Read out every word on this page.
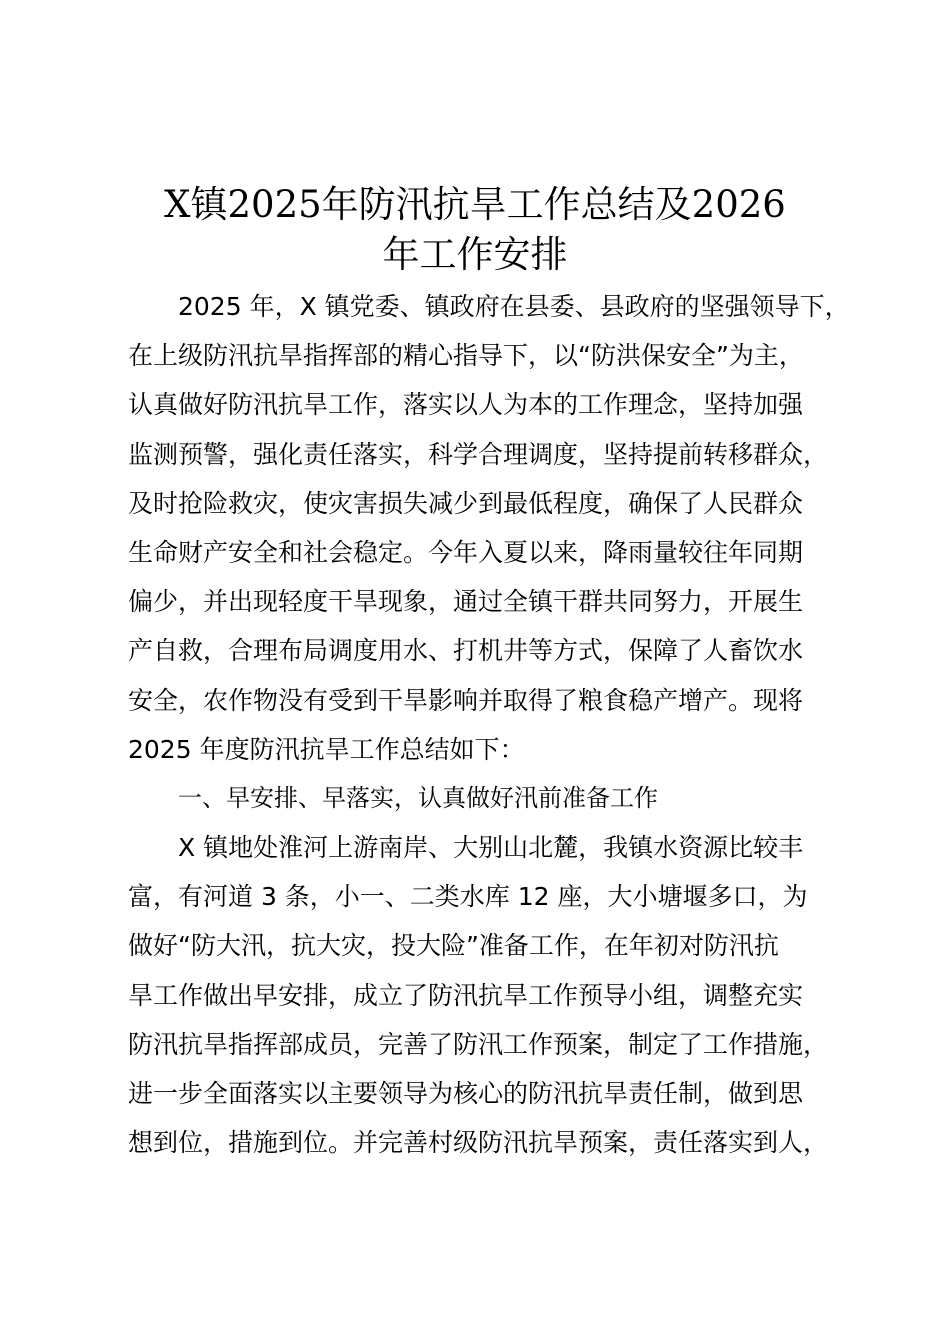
X镇2025年防汛抗旱工作总结及2026
年工作安排
2025 年，X 镇党委、镇政府在县委、县政府的坚强领导下，
在上级防汛抗旱指挥部的精心指导下，以“防洪保安全”为主，
认真做好防汛抗旱工作，落实以人为本的工作理念，坚持加强
监测预警，强化责任落实，科学合理调度，坚持提前转移群众，
及时抢险救灾，使灾害损失减少到最低程度，确保了人民群众
生命财产安全和社会稳定。今年入夏以来，降雨量较往年同期
偏少，并出现轻度干旱现象，通过全镇干群共同努力，开展生
产自救，合理布局调度用水、打机井等方式，保障了人畜饮水
安全，农作物没有受到干旱影响并取得了粮食稳产增产。现将
2025 年度防汛抗旱工作总结如下：
一、早安排、早落实，认真做好汛前准备工作
X 镇地处淮河上游南岸、大别山北麓，我镇水资源比较丰
富，有河道 3 条，小一、二类水库 12 座，大小塘堰多口，为
做好“防大汛，抗大灾，投大险”准备工作，在年初对防汛抗
旱工作做出早安排，成立了防汛抗旱工作预导小组，调整充实
防汛抗旱指挥部成员，完善了防汛工作预案，制定了工作措施，
进一步全面落实以主要领导为核心的防汛抗旱责任制，做到思
想到位，措施到位。并完善村级防汛抗旱预案，责任落实到人，
